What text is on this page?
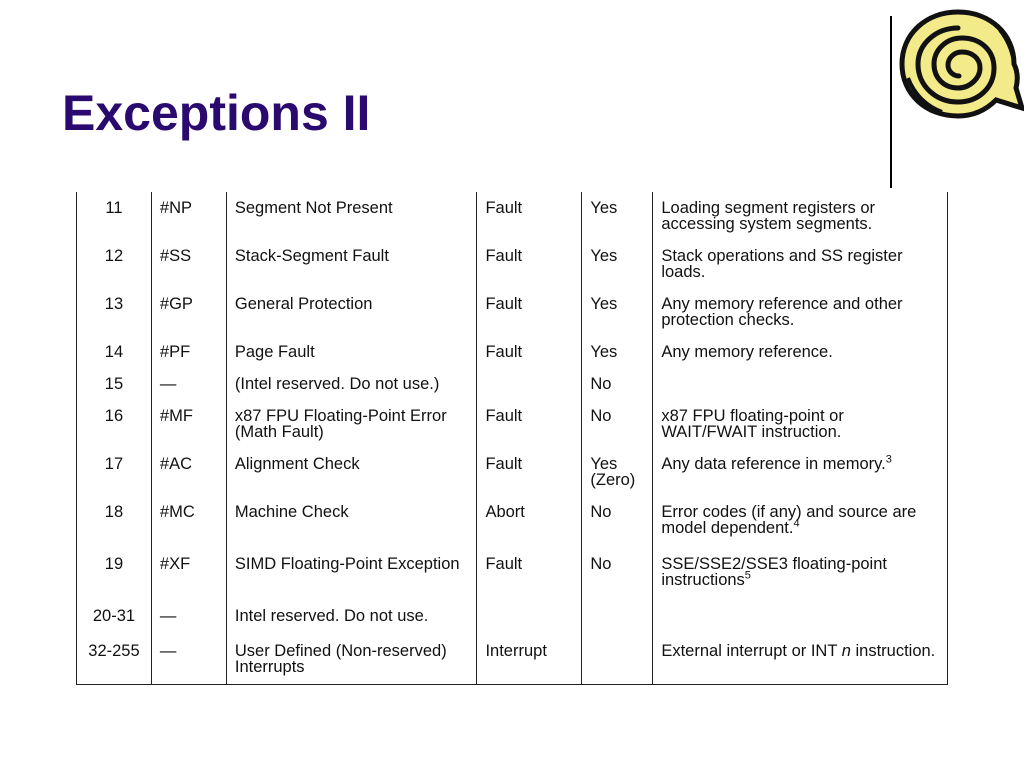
Exceptions II
11	#NP	Segment Not Present	Fault	Yes	Loading segment registers or accessing system segments.
12	#SS	Stack-Segment Fault	Fault	Yes	Stack operations and SS register loads.
13	#GP	General Protection	Fault	Yes	Any memory reference and other protection checks.
14	#PF	Page Fault	Fault	Yes	Any memory reference.
15	—	(Intel reserved. Do not use.)		No	
16	#MF	x87 FPU Floating-Point Error (Math Fault)	Fault	No	x87 FPU floating-point or WAIT/FWAIT instruction.
17	#AC	Alignment Check	Fault	Yes (Zero)	Any data reference in memory.$^3$
18	#MC	Machine Check	Abort	No	Error codes (if any) and source are model dependent.$^4$
19	#XF	SIMD Floating-Point Exception	Fault	No	SSE/SSE2/SSE3 floating-point instructions$^5$
20-31	—	Intel reserved. Do not use.			
32-255	—	User Defined (Non-reserved) Interrupts	Interrupt		External interrupt or INT n instruction.
